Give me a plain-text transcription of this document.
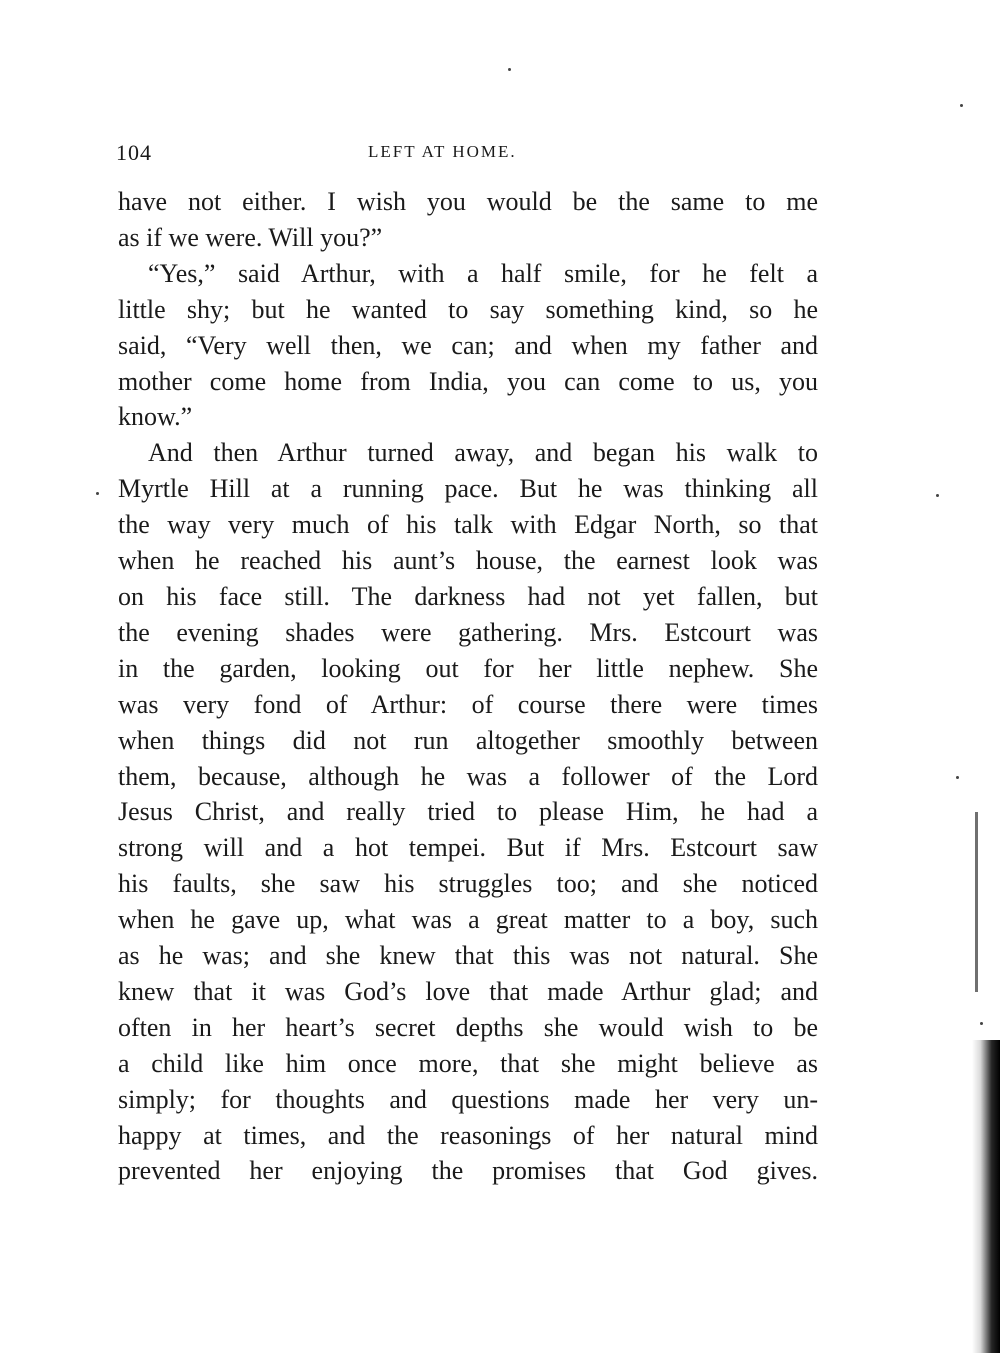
104	LEFT AT HOME.
have not either. I wish you would be the same to me
as if we were. Will you?”
“Yes,” said Arthur, with a half smile, for he felt a
little shy; but he wanted to say something kind, so he
said, “Very well then, we can; and when my father and
mother come home from India, you can come to us, you
know.”
And then Arthur turned away, and began his walk to
Myrtle Hill at a running pace. But he was thinking all
the way very much of his talk with Edgar North, so that
when he reached his aunt’s house, the earnest look was
on his face still. The darkness had not yet fallen, but
the evening shades were gathering. Mrs. Estcourt was
in the garden, looking out for her little nephew. She
was very fond of Arthur: of course there were times
when things did not run altogether smoothly between
them, because, although he was a follower of the Lord
Jesus Christ, and really tried to please Him, he had a
strong will and a hot tempei. But if Mrs. Estcourt saw
his faults, she saw his struggles too; and she noticed
when he gave up, what was a great matter to a boy, such
as he was; and she knew that this was not natural. She
knew that it was God’s love that made Arthur glad; and
often in her heart’s secret depths she would wish to be
a child like him once more, that she might believe as
simply; for thoughts and questions made her very un-
happy at times, and the reasonings of her natural mind
prevented her enjoying the promises that God gives.
